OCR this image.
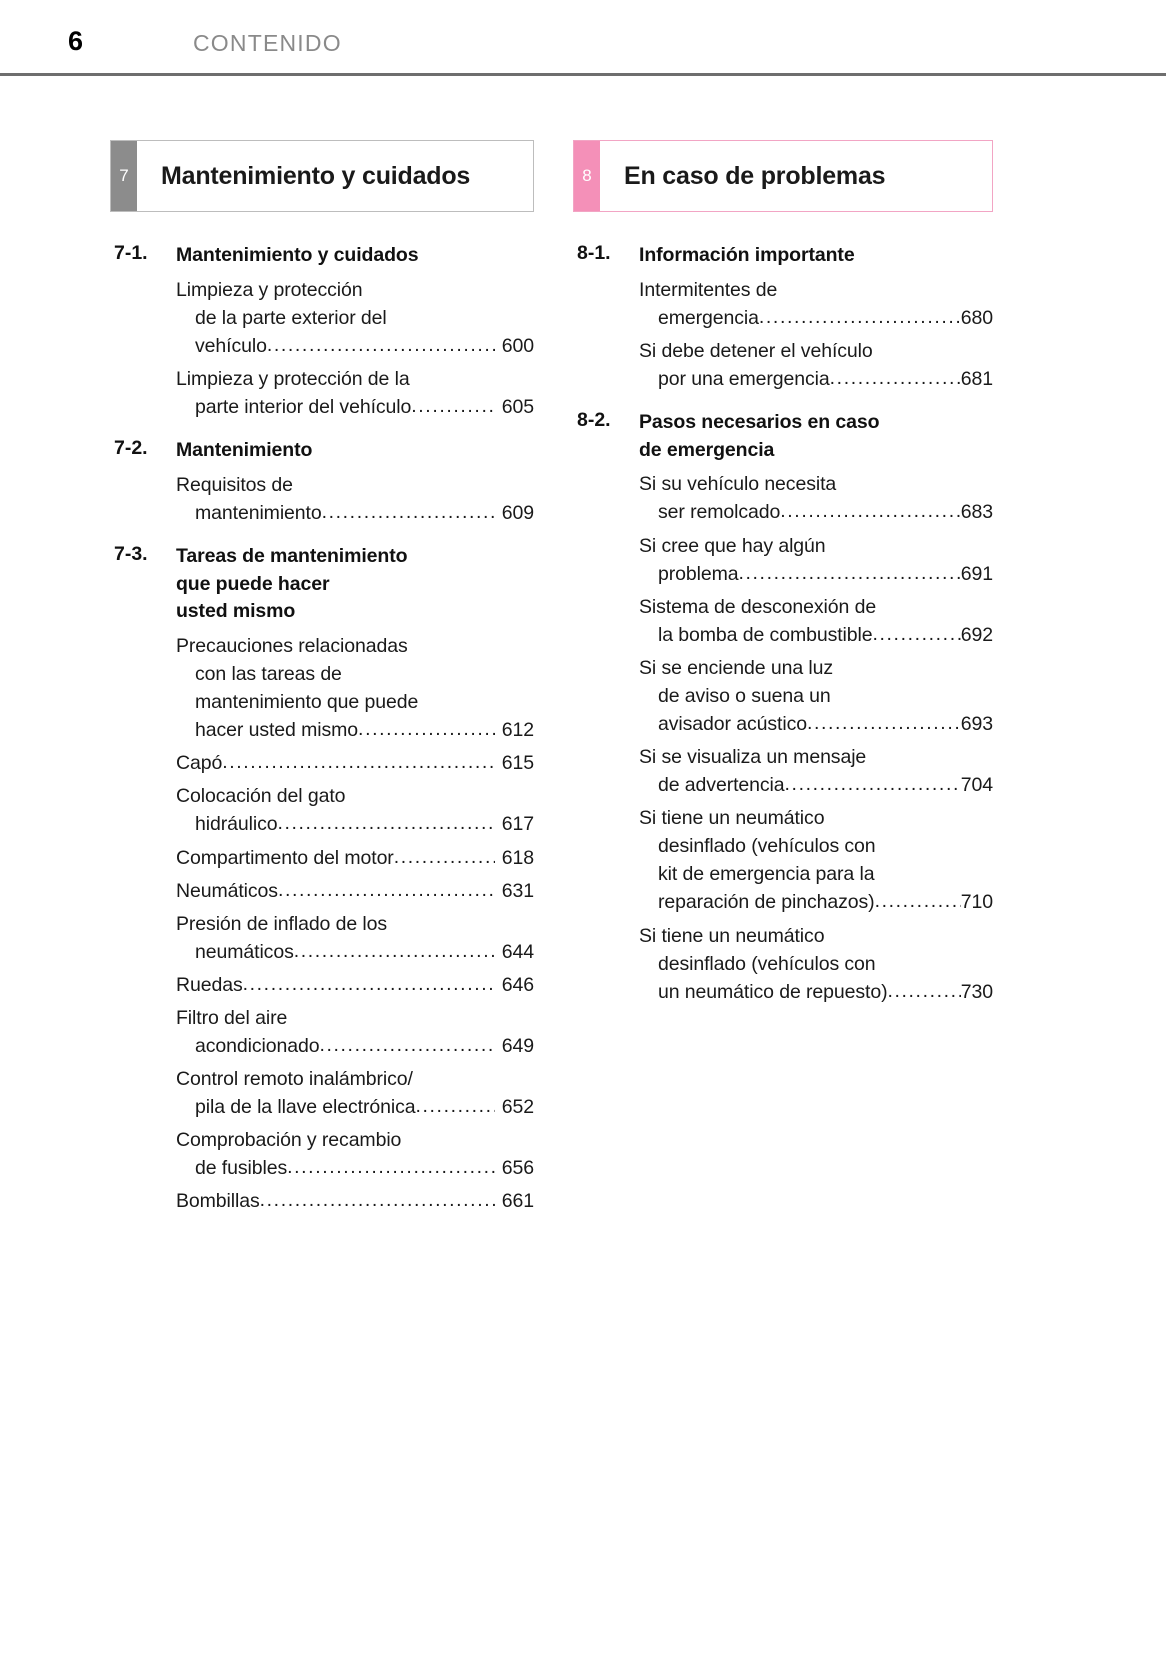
6	CONTENIDO
7	Mantenimiento y cuidados
7-1.	Mantenimiento y cuidados
Limpieza y protección
de la parte exterior del
vehículo .....	600
Limpieza y protección de la
parte interior del vehículo .....	605
7-2.	Mantenimiento
Requisitos de
mantenimiento .....	609
7-3.	Tareas de mantenimiento
que puede hacer
usted mismo
Precauciones relacionadas
con las tareas de
mantenimiento que puede
hacer usted mismo .....	612
Capó .....	615
Colocación del gato
hidráulico .....	617
Compartimento del motor .....	618
Neumáticos .....	631
Presión de inflado de los
neumáticos .....	644
Ruedas .....	646
Filtro del aire
acondicionado .....	649
Control remoto inalámbrico/
pila de la llave electrónica .....	652
Comprobación y recambio
de fusibles .....	656
Bombillas .....	661
8	En caso de problemas
8-1.	Información importante
Intermitentes de
emergencia .....	680
Si debe detener el vehículo
por una emergencia .....	681
8-2.	Pasos necesarios en caso
de emergencia
Si su vehículo necesita
ser remolcado .....	683
Si cree que hay algún
problema .....	691
Sistema de desconexión de
la bomba de combustible .....	692
Si se enciende una luz
de aviso o suena un
avisador acústico .....	693
Si se visualiza un mensaje
de advertencia .....	704
Si tiene un neumático
desinflado (vehículos con
kit de emergencia para la
reparación de pinchazos) .....	710
Si tiene un neumático
desinflado (vehículos con
un neumático de repuesto) .....	730
